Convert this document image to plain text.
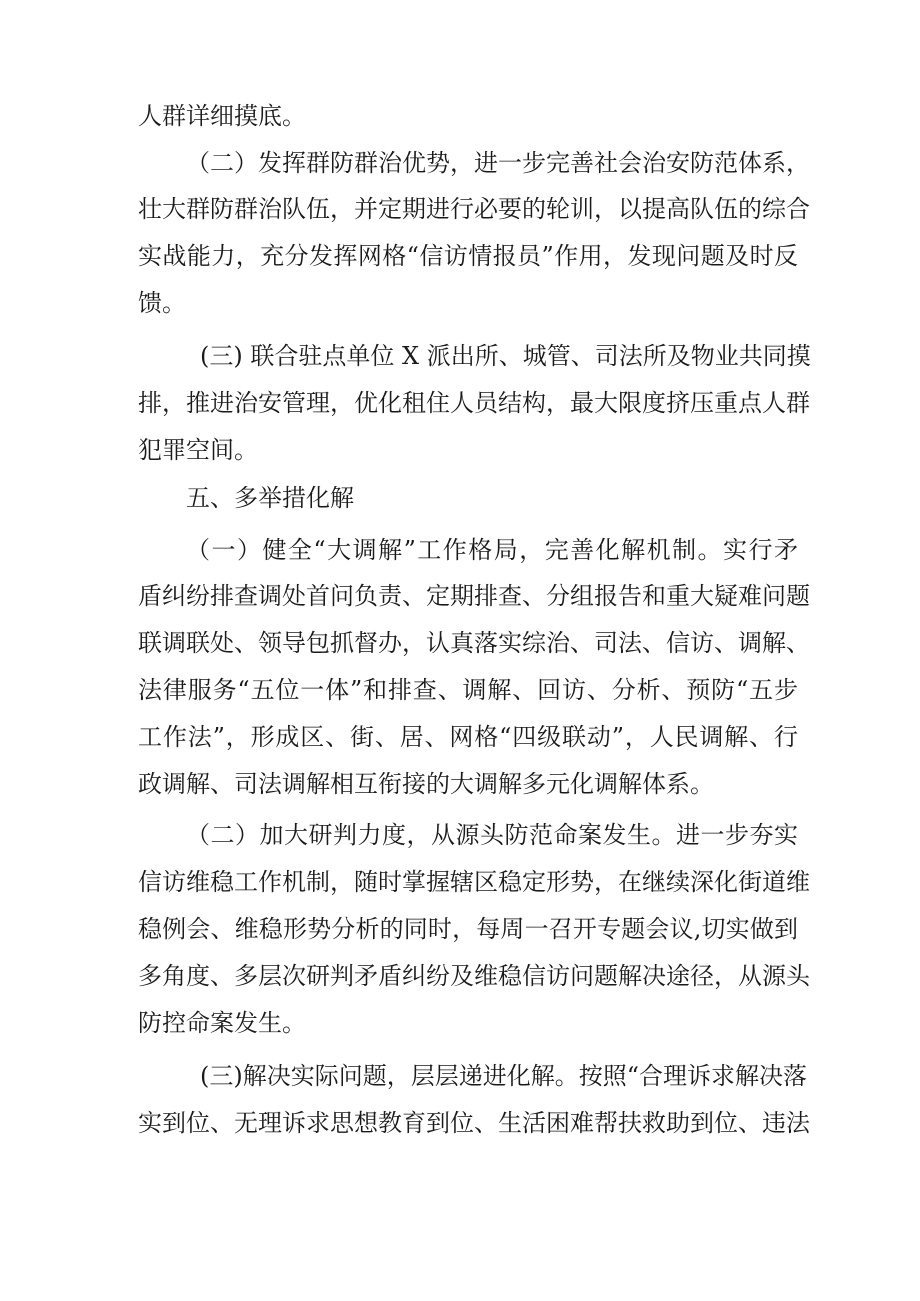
人群详细摸底。
（二）发挥群防群治优势，进一步完善社会治安防范体系，
壮大群防群治队伍，并定期进行必要的轮训，以提高队伍的综合
实战能力，充分发挥网格“信访情报员”作用，发现问题及时反
馈。
(三) 联合驻点单位 X 派出所、城管、司法所及物业共同摸
排，推进治安管理，优化租住人员结构，最大限度挤压重点人群
犯罪空间。
五、多举措化解
（一）健全“大调解”工作格局，完善化解机制。实行矛
盾纠纷排查调处首问负责、定期排查、分组报告和重大疑难问题
联调联处、领导包抓督办，认真落实综治、司法、信访、调解、
法律服务“五位一体”和排查、调解、回访、分析、预防“五步
工作法”，形成区、街、居、网格“四级联动”，人民调解、行
政调解、司法调解相互衔接的大调解多元化调解体系。
（二）加大研判力度，从源头防范命案发生。进一步夯实
信访维稳工作机制，随时掌握辖区稳定形势，在继续深化街道维
稳例会、维稳形势分析的同时，每周一召开专题会议,切实做到
多角度、多层次研判矛盾纠纷及维稳信访问题解决途径，从源头
防控命案发生。
(三)解决实际问题，层层递进化解。按照“合理诉求解决落
实到位、无理诉求思想教育到位、生活困难帮扶救助到位、违法
